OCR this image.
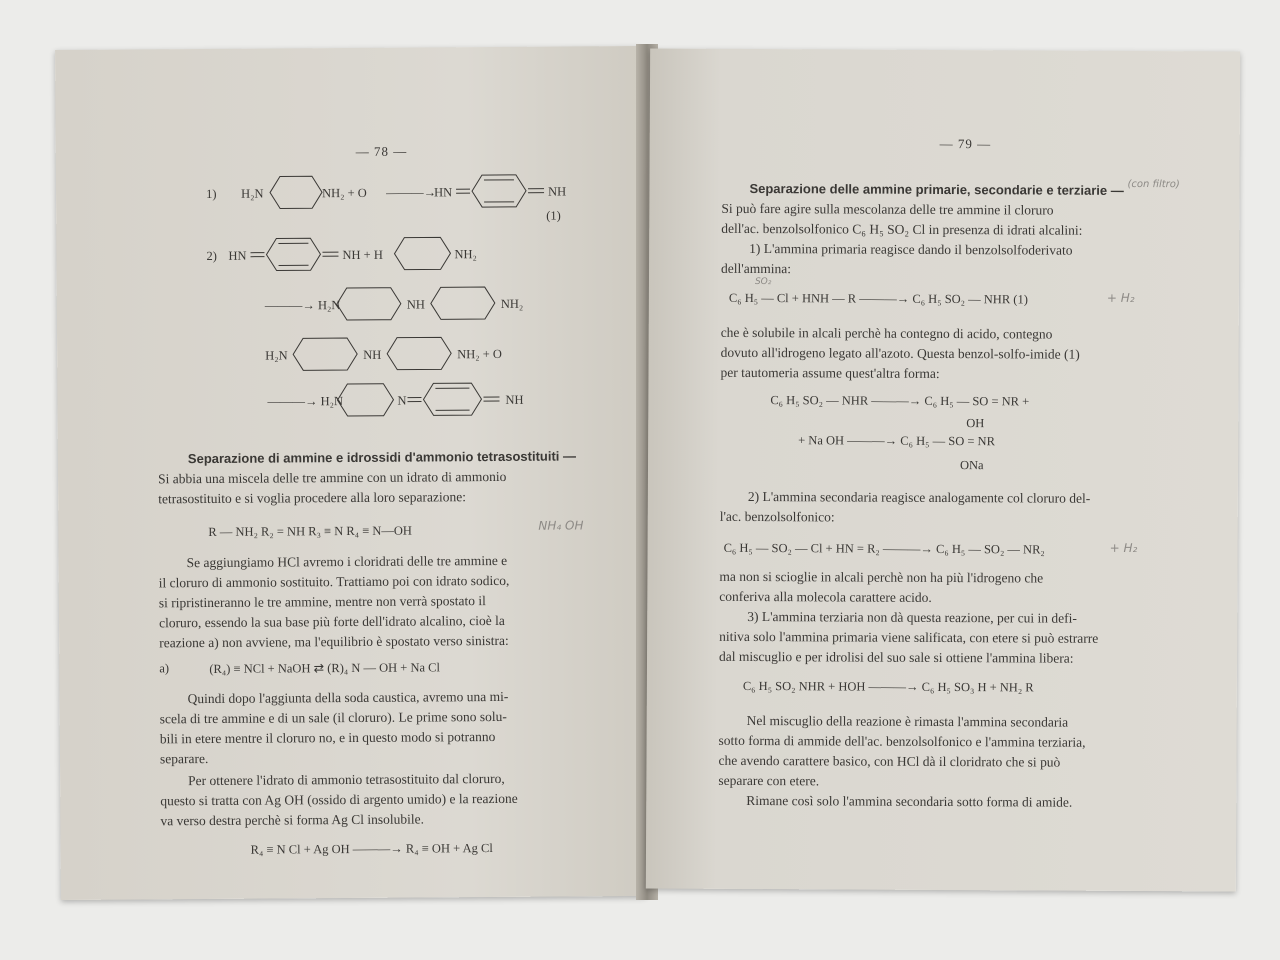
— 78 —
1) H₂N	NH₂ + O ———→
HN	NH
(1)
2) HN	NH + H	NH₂
———→ H₂N	NH	NH₂
H₂N	NH	NH₂ + O
———→ H₂N	N	NH
Separazione di ammine e idrossidi d'ammonio tetrasostituiti —
Si abbia una miscela delle tre ammine con un idrato di ammonio
tetrasostituito e si voglia procedere alla loro separazione:
R — NH₂ R₂ = NH R₃ ≡ N R₄ ≡ N—OH	NH₄ OH
Se aggiungiamo HCl avremo i cloridrati delle tre ammine e
il cloruro di ammonio sostituito. Trattiamo poi con idrato sodico,
si ripristineranno le tre ammine, mentre non verrà spostato il
cloruro, essendo la sua base più forte dell'idrato alcalino, cioè la
reazione a) non avviene, ma l'equilibrio è spostato verso sinistra:
a)	(R₄) ≡ NCl + NaOH ⇄ (R)₄ N — OH + Na Cl
Quindi dopo l'aggiunta della soda caustica, avremo una mi-
scela di tre ammine e di un sale (il cloruro). Le prime sono solu-
bili in etere mentre il cloruro no, e in questo modo si potranno
separare.
Per ottenere l'idrato di ammonio tetrasostituito dal cloruro,
questo si tratta con Ag OH (ossido di argento umido) e la reazione
va verso destra perchè si forma Ag Cl insolubile.
R₄ ≡ N Cl + Ag OH ———→ R₄ ≡ OH + Ag Cl
— 79 —
Separazione delle ammine primarie, secondarie e terziarie — (con filtro)
Si può fare agire sulla mescolanza delle tre ammine il cloruro
dell'ac. benzolsolfonico C₆ H₅ SO₂ Cl in presenza di idrati alcalini:
1) L'ammina primaria reagisce dando il benzolsolfoderivato
dell'ammina:
C₆ H₅ — Cl + HNH — R ———→ C₆ H₅ SO₂ — NHR (1)
SO₂
+ H₂
che è solubile in alcali perchè ha contegno di acido, contegno
dovuto all'idrogeno legato all'azoto. Questa benzol-solfo-imide (1)
per tautomeria assume quest'altra forma:
C₆ H₅ SO₂ — NHR ———→ C₆ H₅ — SO = NR +
OH
+ Na OH ———→ C₆ H₅ — SO = NR
ONa
2) L'ammina secondaria reagisce analogamente col cloruro del-
l'ac. benzolsolfonico:
C₆ H₅ — SO₂ — Cl + HN = R₂ ———→ C₆ H₅ — SO₂ — NR₂	+ H₂
ma non si scioglie in alcali perchè non ha più l'idrogeno che
conferiva alla molecola carattere acido.
3) L'ammina terziaria non dà questa reazione, per cui in defi-
nitiva solo l'ammina primaria viene salificata, con etere si può estrarre
dal miscuglio e per idrolisi del suo sale si ottiene l'ammina libera:
C₆ H₅ SO₂ NHR + HOH ———→ C₆ H₅ SO₃ H + NH₂ R
Nel miscuglio della reazione è rimasta l'ammina secondaria
sotto forma di ammide dell'ac. benzolsolfonico e l'ammina terziaria,
che avendo carattere basico, con HCl dà il cloridrato che si può
separare con etere.
Rimane così solo l'ammina secondaria sotto forma di amide.
